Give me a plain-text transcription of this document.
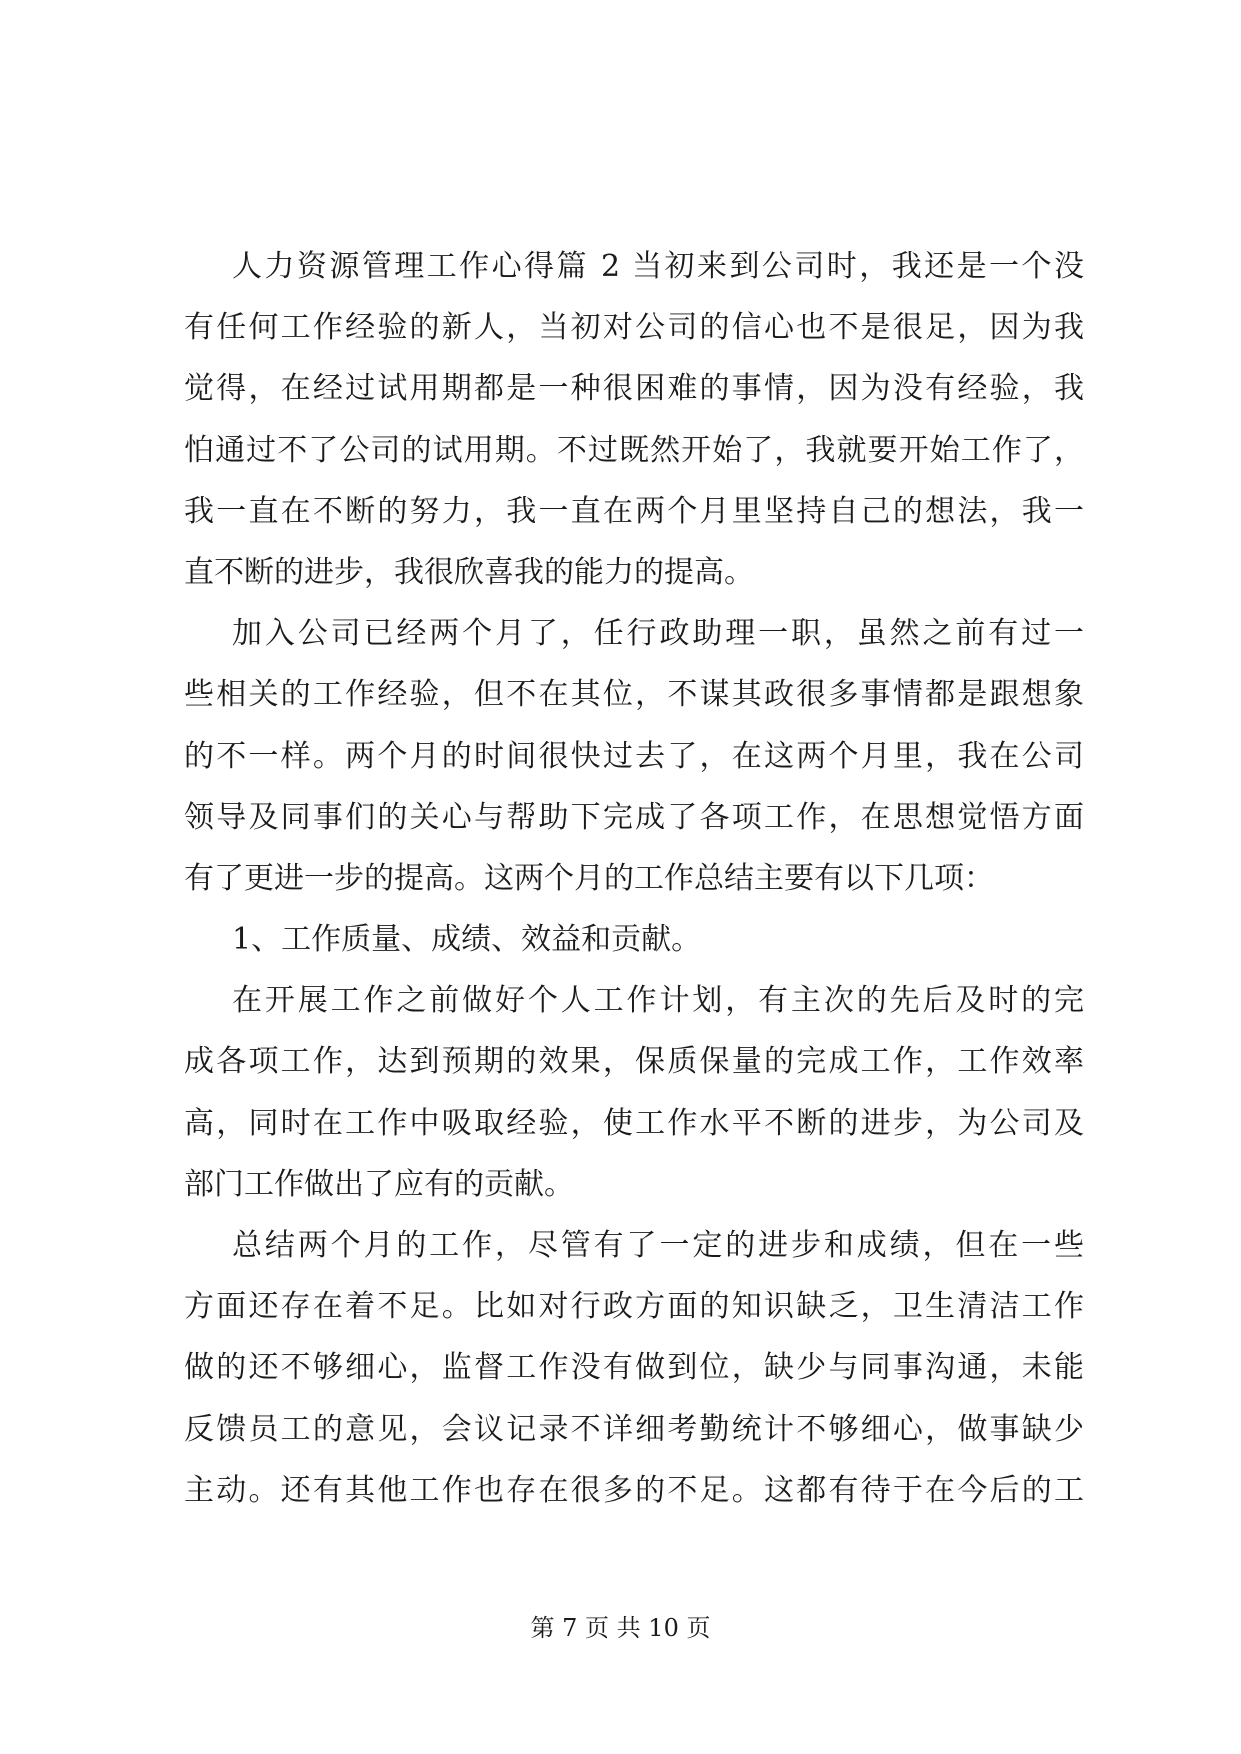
人力资源管理工作心得篇 2 当初来到公司时，我还是一个没
有任何工作经验的新人，当初对公司的信心也不是很足，因为我
觉得，在经过试用期都是一种很困难的事情，因为没有经验，我
怕通过不了公司的试用期。不过既然开始了，我就要开始工作了，
我一直在不断的努力，我一直在两个月里坚持自己的想法，我一
直不断的进步，我很欣喜我的能力的提高。
加入公司已经两个月了，任行政助理一职，虽然之前有过一
些相关的工作经验，但不在其位，不谋其政很多事情都是跟想象
的不一样。两个月的时间很快过去了，在这两个月里，我在公司
领导及同事们的关心与帮助下完成了各项工作，在思想觉悟方面
有了更进一步的提高。这两个月的工作总结主要有以下几项：
1、工作质量、成绩、效益和贡献。
在开展工作之前做好个人工作计划，有主次的先后及时的完
成各项工作，达到预期的效果，保质保量的完成工作，工作效率
高，同时在工作中吸取经验，使工作水平不断的进步，为公司及
部门工作做出了应有的贡献。
总结两个月的工作，尽管有了一定的进步和成绩，但在一些
方面还存在着不足。比如对行政方面的知识缺乏，卫生清洁工作
做的还不够细心，监督工作没有做到位，缺少与同事沟通，未能
反馈员工的意见，会议记录不详细考勤统计不够细心，做事缺少
主动。还有其他工作也存在很多的不足。这都有待于在今后的工
第 7 页 共 10 页
